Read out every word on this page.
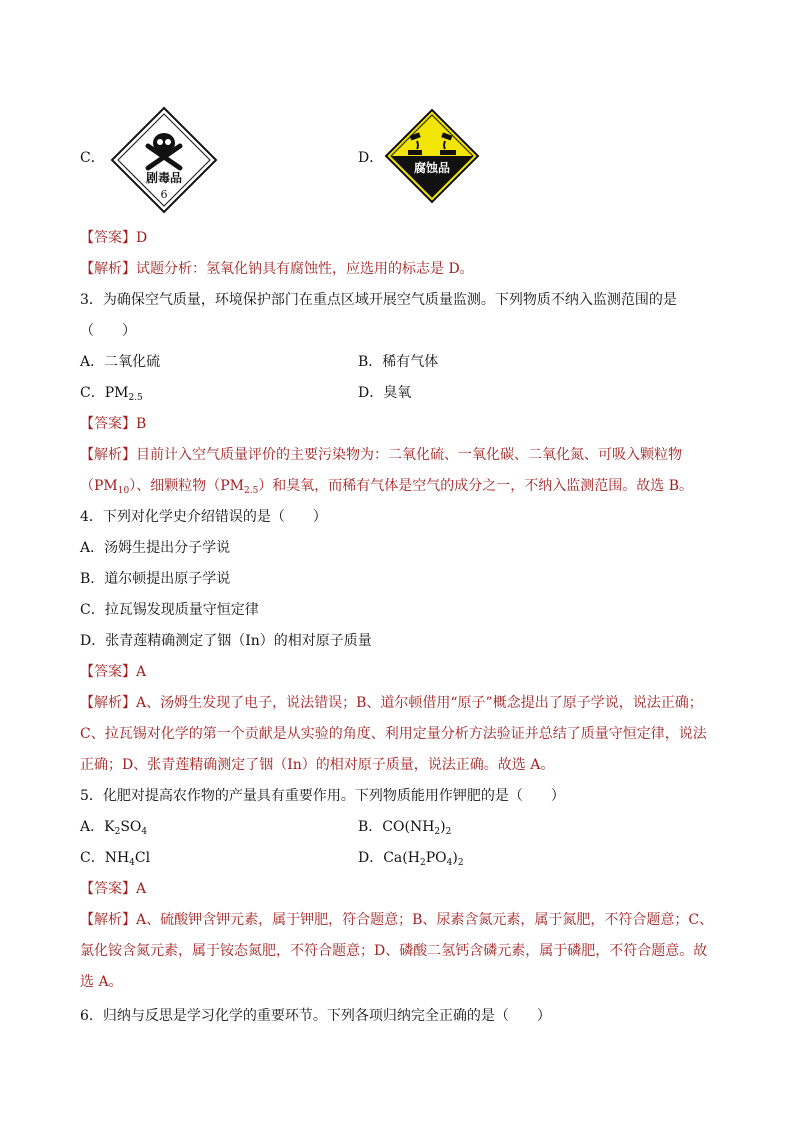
C．
剧毒品
6
D．
腐蚀品
【答案】D
【解析】试题分析：氢氧化钠具有腐蚀性，应选用的标志是 D。
3．为确保空气质量，环境保护部门在重点区域开展空气质量监测。下列物质不纳入监测范围的是
（　　）
A．二氧化硫	B．稀有气体
C．$PM_{2.5}$	D．臭氧
【答案】B
【解析】目前计入空气质量评价的主要污染物为：二氧化硫、一氧化碳、二氧化氮、可吸入颗粒物
$(PM_{10})$、细颗粒物$(PM_{2.5})$和臭氧，而稀有气体是空气的成分之一，不纳入监测范围。故选 B。
4．下列对化学史介绍错误的是（　　）
A．汤姆生提出分子学说
B．道尔顿提出原子学说
C．拉瓦锡发现质量守恒定律
D．张青莲精确测定了铟（In）的相对原子质量
【答案】A
【解析】A、汤姆生发现了电子，说法错误；B、道尔顿借用“原子”概念提出了原子学说，说法正确；
C、拉瓦锡对化学的第一个贡献是从实验的角度、利用定量分析方法验证并总结了质量守恒定律，说法
正确；D、张青莲精确测定了铟（In）的相对原子质量，说法正确。故选 A。
5．化肥对提高农作物的产量具有重要作用。下列物质能用作钾肥的是（　　）
A．$K_2SO_4$	B．$CO(NH_2)_2$
C．$NH_4Cl$	D．$Ca(H_2PO_4)_2$
【答案】A
【解析】A、硫酸钾含钾元素，属于钾肥，符合题意；B、尿素含氮元素，属于氮肥，不符合题意；C、
氯化铵含氮元素，属于铵态氮肥，不符合题意；D、磷酸二氢钙含磷元素，属于磷肥，不符合题意。故
选 A。
6．归纳与反思是学习化学的重要环节。下列各项归纳完全正确的是（　　）
